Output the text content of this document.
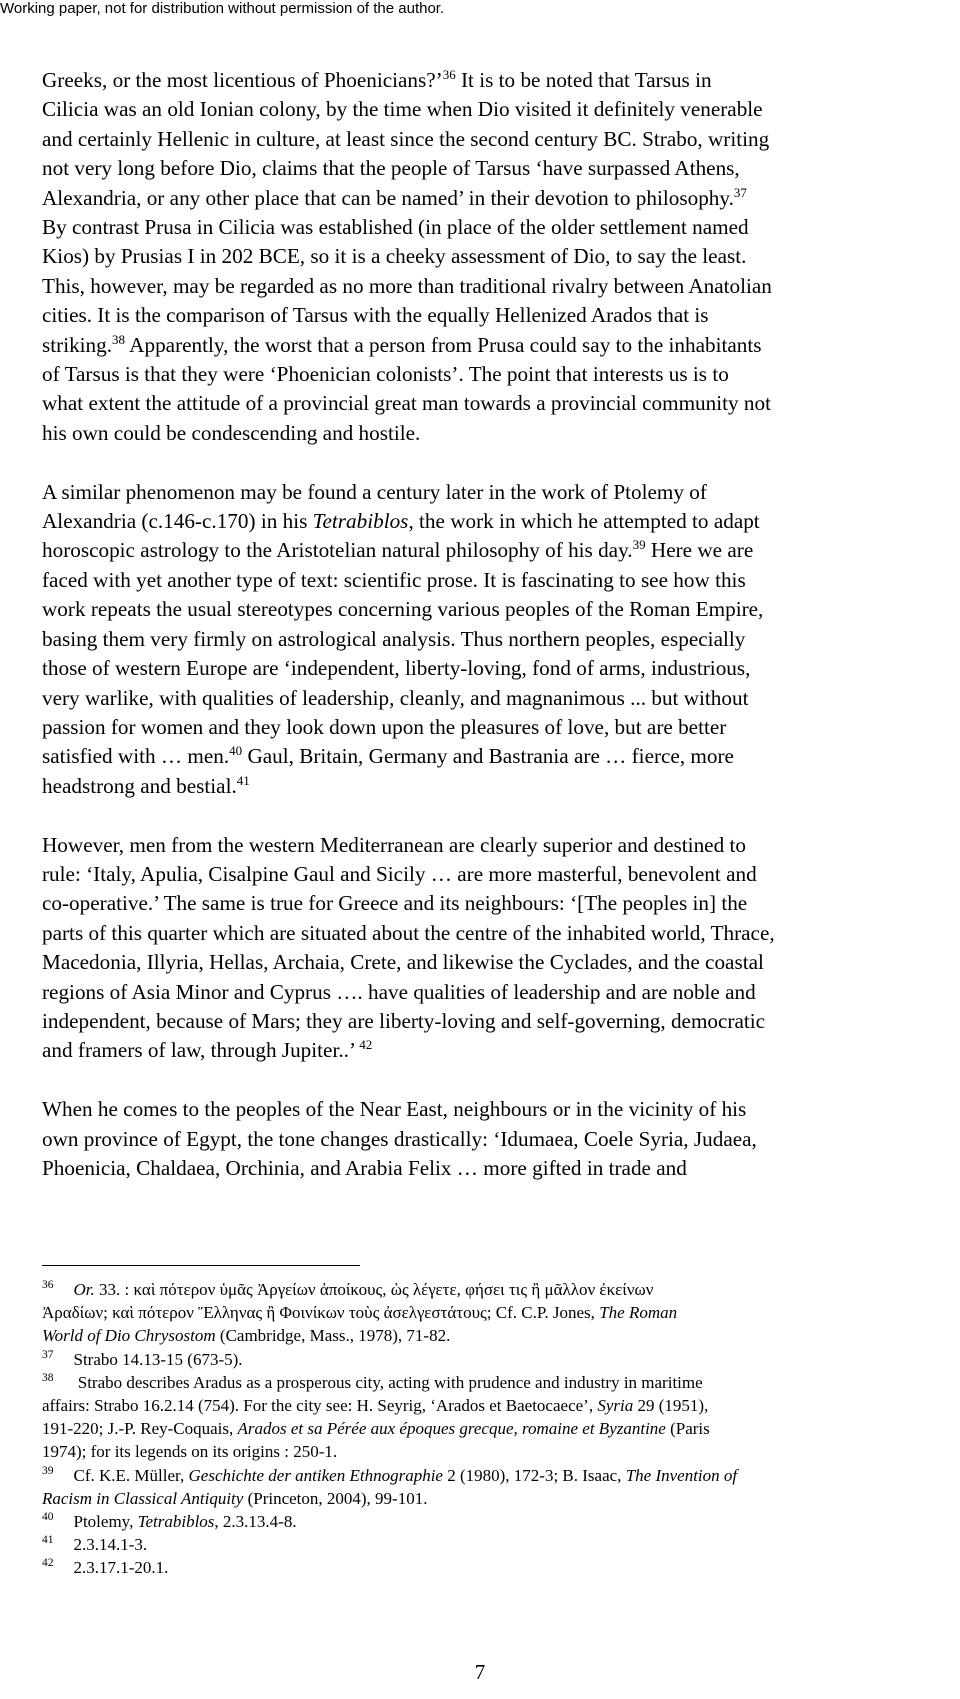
Working paper, not for distribution without permission of the author.

Greeks, or the most licentious of Phoenicians?’$^{36}$ It is to be noted that Tarsus in
Cilicia was an old Ionian colony, by the time when Dio visited it definitely venerable
and certainly Hellenic in culture, at least since the second century BC. Strabo, writing
not very long before Dio, claims that the people of Tarsus ‘have surpassed Athens,
Alexandria, or any other place that can be named’ in their devotion to philosophy.$^{37}$
By contrast Prusa in Cilicia was established (in place of the older settlement named
Kios) by Prusias I in 202 BCE, so it is a cheeky assessment of Dio, to say the least.
This, however, may be regarded as no more than traditional rivalry between Anatolian
cities. It is the comparison of Tarsus with the equally Hellenized Arados that is
striking.$^{38}$ Apparently, the worst that a person from Prusa could say to the inhabitants
of Tarsus is that they were ‘Phoenician colonists’. The point that interests us is to
what extent the attitude of a provincial great man towards a provincial community not
his own could be condescending and hostile.

A similar phenomenon may be found a century later in the work of Ptolemy of
Alexandria (c.146-c.170) in his Tetrabiblos, the work in which he attempted to adapt
horoscopic astrology to the Aristotelian natural philosophy of his day.$^{39}$ Here we are
faced with yet another type of text: scientific prose. It is fascinating to see how this
work repeats the usual stereotypes concerning various peoples of the Roman Empire,
basing them very firmly on astrological analysis. Thus northern peoples, especially
those of western Europe are ‘independent, liberty-loving, fond of arms, industrious,
very warlike, with qualities of leadership, cleanly, and magnanimous ... but without
passion for women and they look down upon the pleasures of love, but are better
satisfied with … men.$^{40}$ Gaul, Britain, Germany and Bastrania are … fierce, more
headstrong and bestial.$^{41}$

However, men from the western Mediterranean are clearly superior and destined to
rule: ‘Italy, Apulia, Cisalpine Gaul and Sicily … are more masterful, benevolent and
co-operative.’ The same is true for Greece and its neighbours: ‘[The peoples in] the
parts of this quarter which are situated about the centre of the inhabited world, Thrace,
Macedonia, Illyria, Hellas, Archaia, Crete, and likewise the Cyclades, and the coastal
regions of Asia Minor and Cyprus …. have qualities of leadership and are noble and
independent, because of Mars; they are liberty-loving and self-governing, democratic
and framers of law, through Jupiter..’ $^{42}$

When he comes to the peoples of the Near East, neighbours or in the vicinity of his
own province of Egypt, the tone changes drastically: ‘Idumaea, Coele Syria, Judaea,
Phoenicia, Chaldaea, Orchinia, and Arabia Felix … more gifted in trade and

$^{36}$ Or. 33. : καὶ πότερον ὑμᾶς Ἀργείων ἀποίκους, ὡς λέγετε, φήσει τις ἢ μᾶλλον ἐκείνων
Ἀραδίων; καὶ πότερον Ἕλληνας ἢ Φοινίκων τοὺς ἀσελγεστάτους; Cf. C.P. Jones, The Roman
World of Dio Chrysostom (Cambridge, Mass., 1978), 71-82.
$^{37}$ Strabo 14.13-15 (673-5).
$^{38}$ Strabo describes Aradus as a prosperous city, acting with prudence and industry in maritime
affairs: Strabo 16.2.14 (754). For the city see: H. Seyrig, ‘Arados et Baetocaece’, Syria 29 (1951),
191-220; J.-P. Rey-Coquais, Arados et sa Pérée aux époques grecque, romaine et Byzantine (Paris
1974); for its legends on its origins : 250-1.
$^{39}$ Cf. K.E. Müller, Geschichte der antiken Ethnographie 2 (1980), 172-3; B. Isaac, The Invention of
Racism in Classical Antiquity (Princeton, 2004), 99-101.
$^{40}$ Ptolemy, Tetrabiblos, 2.3.13.4-8.
$^{41}$ 2.3.14.1-3.
$^{42}$ 2.3.17.1-20.1.
7
